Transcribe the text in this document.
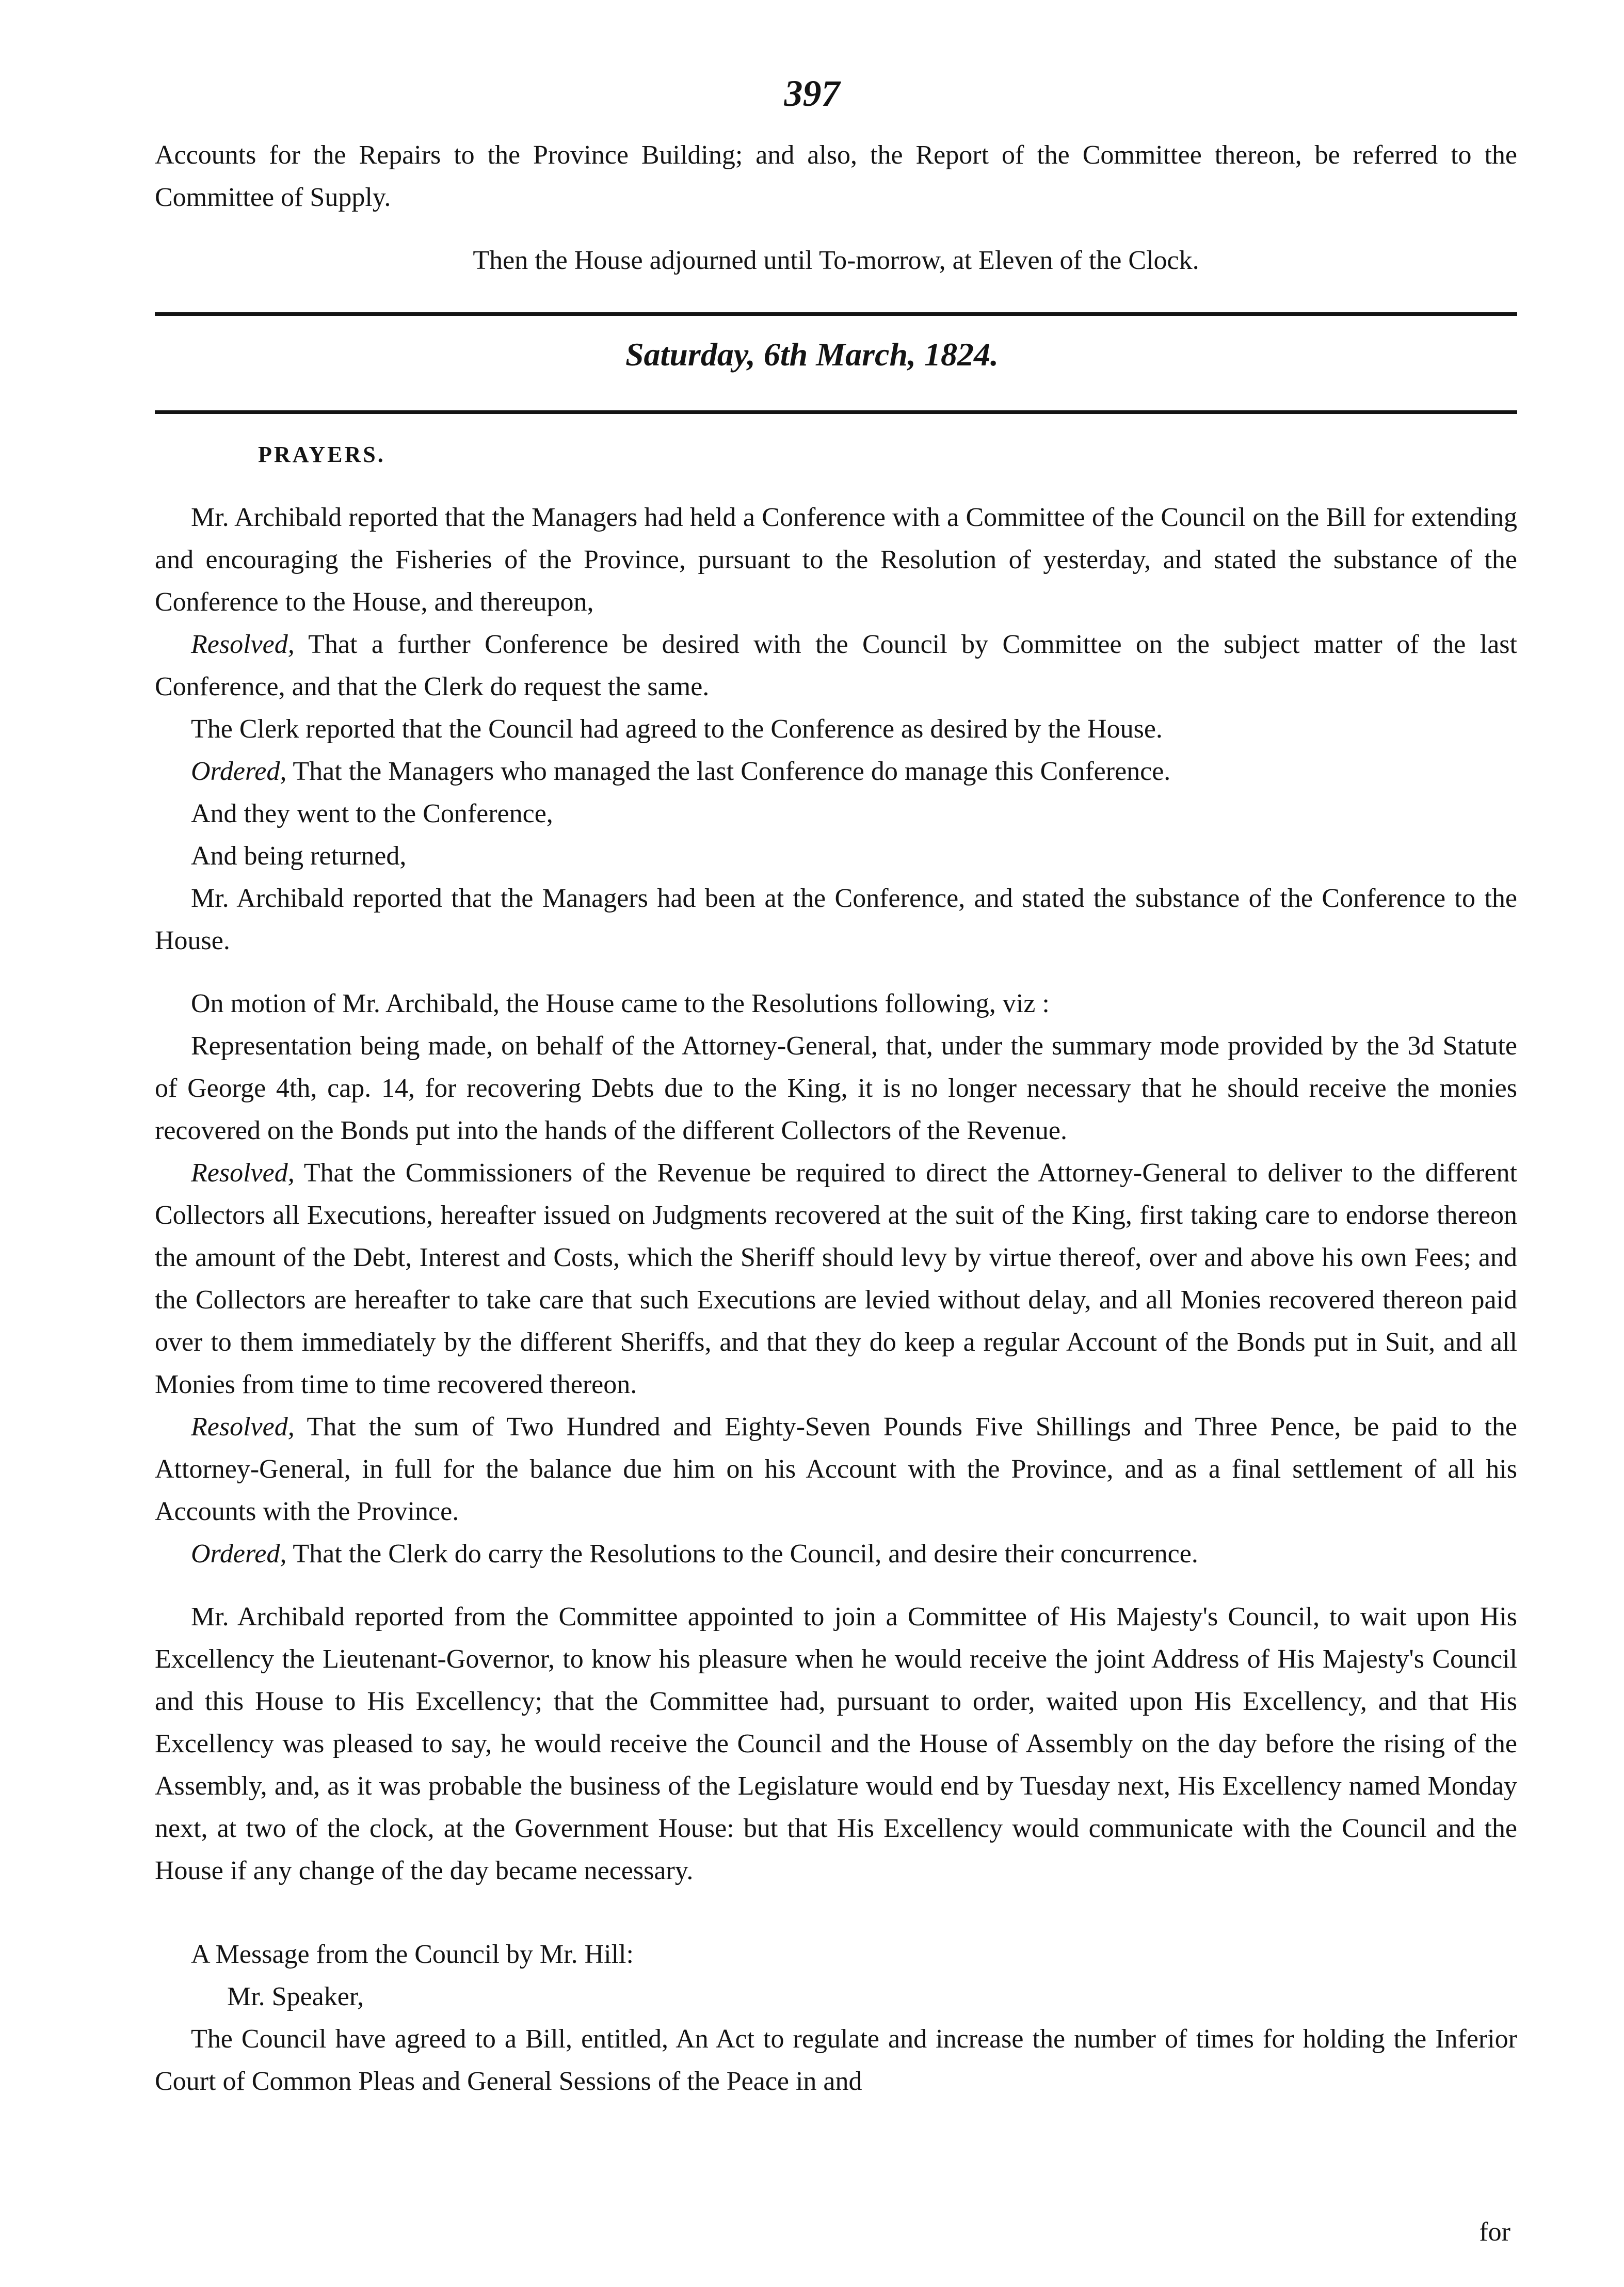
397

Accounts for the Repairs to the Province Building; and also, the Report of the Committee thereon, be referred to the Committee of Supply.

Then the House adjourned until To-morrow, at Eleven of the Clock.

Saturday, 6th March, 1824.

PRAYERS.

Mr. Archibald reported that the Managers had held a Conference with a Committee of the Council on the Bill for extending and encouraging the Fisheries of the Province, pursuant to the Resolution of yesterday, and stated the substance of the Conference to the House, and thereupon,

Resolved, That a further Conference be desired with the Council by Committee on the subject matter of the last Conference, and that the Clerk do request the same.

The Clerk reported that the Council had agreed to the Conference as desired by the House.

Ordered, That the Managers who managed the last Conference do manage this Conference.

And they went to the Conference,

And being returned,

Mr. Archibald reported that the Managers had been at the Conference, and stated the substance of the Conference to the House.

On motion of Mr. Archibald, the House came to the Resolutions following, viz :

Representation being made, on behalf of the Attorney-General, that, under the summary mode provided by the 3d Statute of George 4th, cap. 14, for recovering Debts due to the King, it is no longer necessary that he should receive the monies recovered on the Bonds put into the hands of the different Collectors of the Revenue.

Resolved, That the Commissioners of the Revenue be required to direct the Attorney-General to deliver to the different Collectors all Executions, hereafter issued on Judgments recovered at the suit of the King, first taking care to endorse thereon the amount of the Debt, Interest and Costs, which the Sheriff should levy by virtue thereof, over and above his own Fees; and the Collectors are hereafter to take care that such Executions are levied without delay, and all Monies recovered thereon paid over to them immediately by the different Sheriffs, and that they do keep a regular Account of the Bonds put in Suit, and all Monies from time to time recovered thereon.

Resolved, That the sum of Two Hundred and Eighty-Seven Pounds Five Shillings and Three Pence, be paid to the Attorney-General, in full for the balance due him on his Account with the Province, and as a final settlement of all his Accounts with the Province.

Ordered, That the Clerk do carry the Resolutions to the Council, and desire their concurrence.

Mr. Archibald reported from the Committee appointed to join a Committee of His Majesty's Council, to wait upon His Excellency the Lieutenant-Governor, to know his pleasure when he would receive the joint Address of His Majesty's Council and this House to His Excellency; that the Committee had, pursuant to order, waited upon His Excellency, and that His Excellency was pleased to say, he would receive the Council and the House of Assembly on the day before the rising of the Assembly, and, as it was probable the business of the Legislature would end by Tuesday next, His Excellency named Monday next, at two of the clock, at the Government House: but that His Excellency would communicate with the Council and the House if any change of the day became necessary.

A Message from the Council by Mr. Hill:

Mr. Speaker,

The Council have agreed to a Bill, entitled, An Act to regulate and increase the number of times for holding the Inferior Court of Common Pleas and General Sessions of the Peace in and

for
